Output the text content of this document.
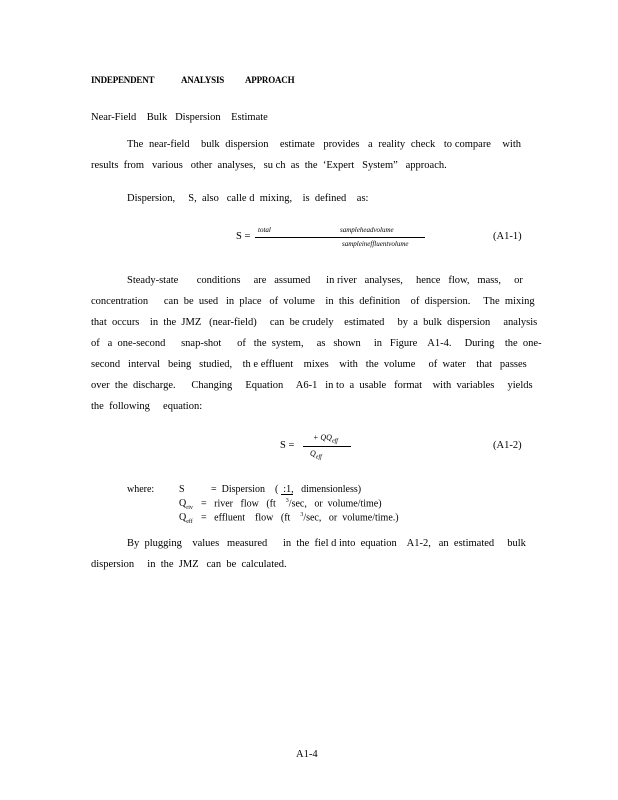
INDEPENDENT	ANALYSIS APPROACH
Near-Field    Bulk   Dispersion    Estimate
The  near-field    bulk  dispersion    estimate   provides   a  reality  check   to compare    with
results  from   various   other  analyses,   su ch  as  the  ‘Expert   System”   approach.
Dispersion,     S,  also   calle d  mixing,    is  defined    as:
S =
total	sampleheadvolume
sampleineffluentvolume
(A1-1)
Steady-state       conditions     are   assumed      in river   analyses,     hence   flow,   mass,     or
concentration      can  be  used   in  place   of  volume    in  this  definition    of  dispersion.     The  mixing
that  occurs    in  the  JMZ   (near-field)     can  be crudely    estimated     by  a  bulk  dispersion     analysis
of   a  one-second      snap-shot      of   the  system,     as   shown     in   Figure    A1-4.     During    the  one-
second   interval   being   studied,    th e effluent    mixes    with   the  volume     of  water    that   passes
over  the  discharge.      Changing     Equation     A6-1   in to  a  usable   format    with  variables     yields
the  following     equation:
S =
+ $QQ_{eff}$
$Q_{eff}$
(A1-2)
where: S	=  Dispersion    (  :1,   dimensionless)
$Q_{riv}$ =   river   flow   (ft $^3$/sec,   or  volume/time)
$Q_{eff}$ =   effluent    flow   (ft $^3$/sec,   or  volume/time.)
By  plugging    values   measured      in  the  fiel d into  equation    A1-2,   an  estimated     bulk
dispersion     in  the  JMZ   can  be  calculated.
A1-4
